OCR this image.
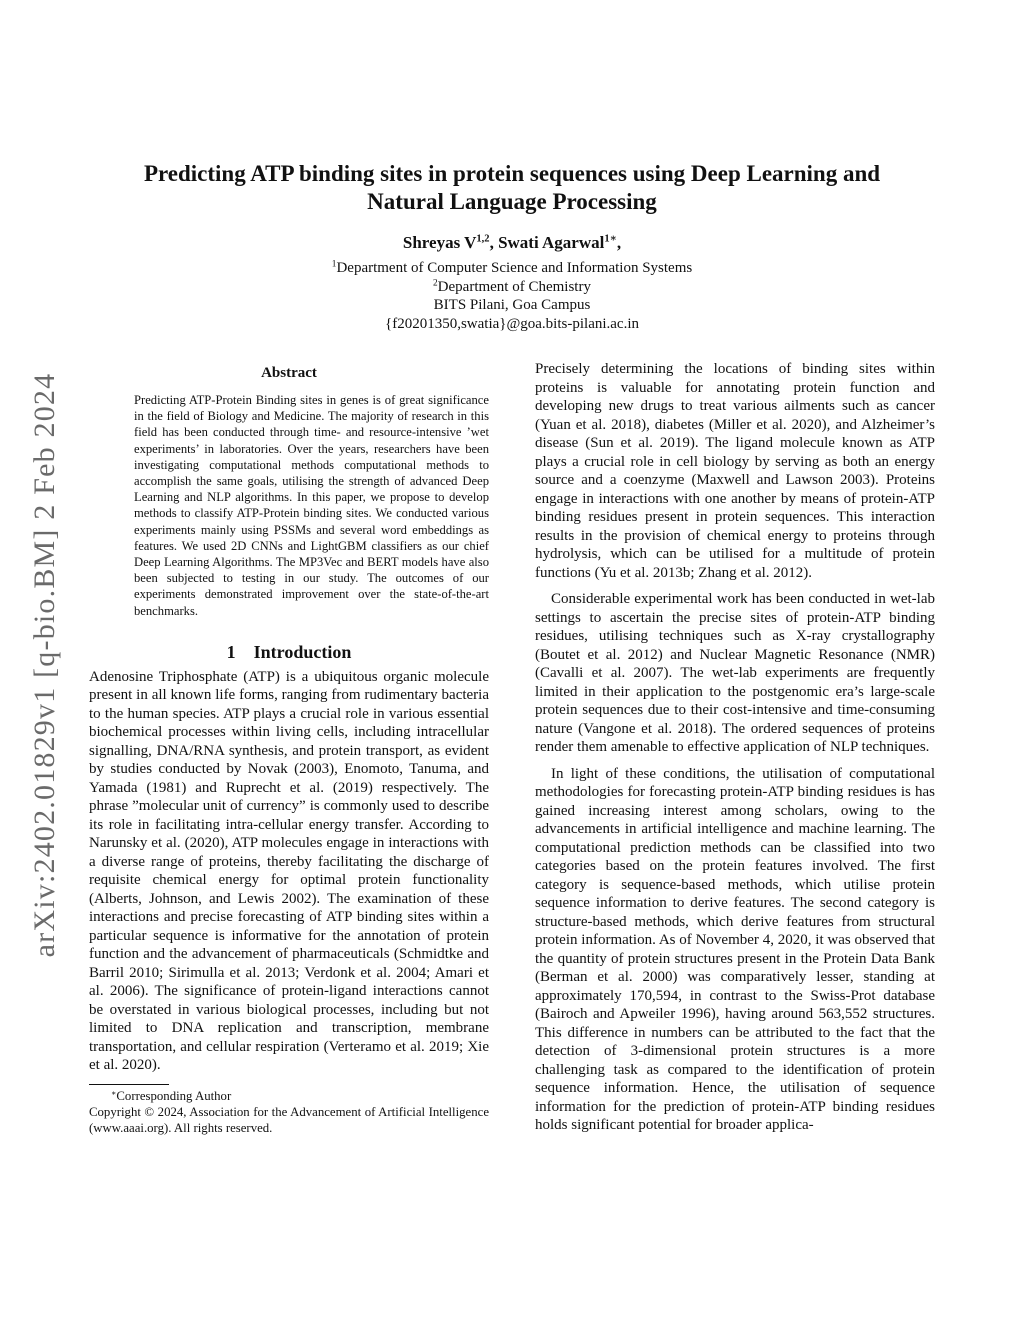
arXiv:2402.01829v1 [q-bio.BM] 2 Feb 2024
Predicting ATP binding sites in protein sequences using Deep Learning and
Natural Language Processing
Shreyas V$^{1,2}$, Swati Agarwal$^{1∗}$,
$^1$Department of Computer Science and Information Systems
$^2$Department of Chemistry
BITS Pilani, Goa Campus
{f20201350,swatia}@goa.bits-pilani.ac.in
Abstract

Predicting ATP-Protein Binding sites in genes is of great significance in the field of Biology and Medicine. The majority of research in this field has been conducted through time- and resource-intensive ’wet experiments’ in laboratories. Over the years, researchers have been investigating computational methods computational methods to accomplish the same goals, utilising the strength of advanced Deep Learning and NLP algorithms. In this paper, we propose to develop methods to classify ATP-Protein binding sites. We conducted various experiments mainly using PSSMs and several word embeddings as features. We used 2D CNNs and LightGBM classifiers as our chief Deep Learning Algorithms. The MP3Vec and BERT models have also been subjected to testing in our study. The outcomes of our experiments demonstrated improvement over the state-of-the-art benchmarks.

1 Introduction

Adenosine Triphosphate (ATP) is a ubiquitous organic molecule present in all known life forms, ranging from rudimentary bacteria to the human species. ATP plays a crucial role in various essential biochemical processes within living cells, including intracellular signalling, DNA/RNA synthesis, and protein transport, as evident by studies conducted by Novak (2003), Enomoto, Tanuma, and Yamada (1981) and Ruprecht et al. (2019) respectively. The phrase ”molecular unit of currency” is commonly used to describe its role in facilitating intra-cellular energy transfer. According to Narunsky et al. (2020), ATP molecules engage in interactions with a diverse range of proteins, thereby facilitating the discharge of requisite chemical energy for optimal protein functionality (Alberts, Johnson, and Lewis 2002). The examination of these interactions and precise forecasting of ATP binding sites within a particular sequence is informative for the annotation of protein function and the advancement of pharmaceuticals (Schmidtke and Barril 2010; Sirimulla et al. 2013; Verdonk et al. 2004; Amari et al. 2006). The significance of protein-ligand interactions cannot be overstated in various biological processes, including but not limited to DNA replication and transcription, membrane transportation, and cellular respiration (Verteramo et al. 2019; Xie et al. 2020).

∗Corresponding Author

Copyright © 2024, Association for the Advancement of Artificial Intelligence (www.aaai.org). All rights reserved.

Precisely determining the locations of binding sites within proteins is valuable for annotating protein function and developing new drugs to treat various ailments such as cancer (Yuan et al. 2018), diabetes (Miller et al. 2020), and Alzheimer’s disease (Sun et al. 2019). The ligand molecule known as ATP plays a crucial role in cell biology by serving as both an energy source and a coenzyme (Maxwell and Lawson 2003). Proteins engage in interactions with one another by means of protein-ATP binding residues present in protein sequences. This interaction results in the provision of chemical energy to proteins through hydrolysis, which can be utilised for a multitude of protein functions (Yu et al. 2013b; Zhang et al. 2012).

Considerable experimental work has been conducted in wet-lab settings to ascertain the precise sites of protein-ATP binding residues, utilising techniques such as X-ray crystallography (Boutet et al. 2012) and Nuclear Magnetic Resonance (NMR) (Cavalli et al. 2007). The wet-lab experiments are frequently limited in their application to the postgenomic era’s large-scale protein sequences due to their cost-intensive and time-consuming nature (Vangone et al. 2018). The ordered sequences of proteins render them amenable to effective application of NLP techniques.

In light of these conditions, the utilisation of computational methodologies for forecasting protein-ATP binding residues is has gained increasing interest among scholars, owing to the advancements in artificial intelligence and machine learning. The computational prediction methods can be classified into two categories based on the protein features involved. The first category is sequence-based methods, which utilise protein sequence information to derive features. The second category is structure-based methods, which derive features from structural protein information. As of November 4, 2020, it was observed that the quantity of protein structures present in the Protein Data Bank (Berman et al. 2000) was comparatively lesser, standing at approximately 170,594, in contrast to the Swiss-Prot database (Bairoch and Apweiler 1996), having around 563,552 structures. This difference in numbers can be attributed to the fact that the detection of 3-dimensional protein structures is a more challenging task as compared to the identification of protein sequence information. Hence, the utilisation of sequence information for the prediction of protein-ATP binding residues holds significant potential for broader applica-
